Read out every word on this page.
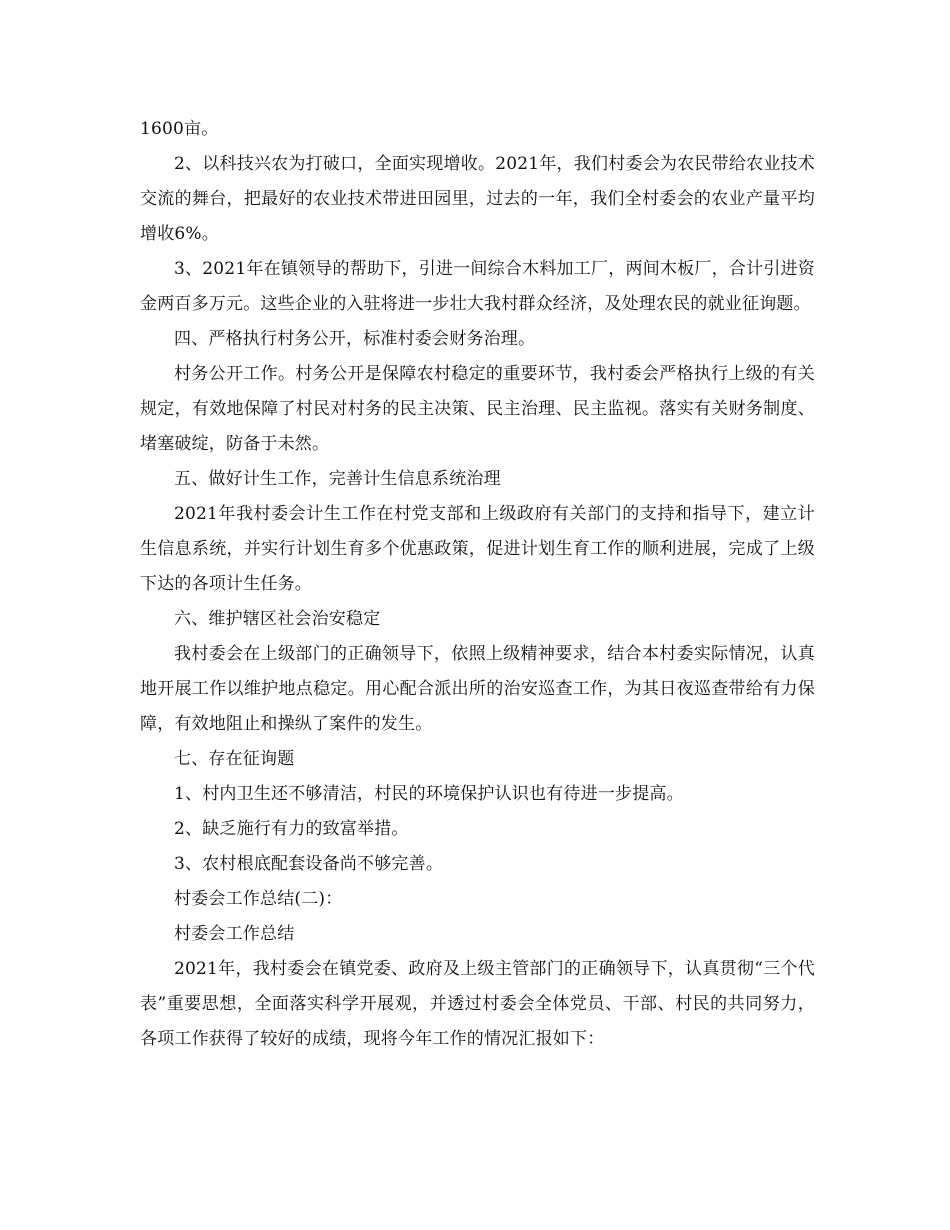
1600亩。

2、以科技兴农为打破口，全面实现增收。2021年，我们村委会为农民带给农业技术交流的舞台，把最好的农业技术带进田园里，过去的一年，我们全村委会的农业产量平均增收6%。

3、2021年在镇领导的帮助下，引进一间综合木料加工厂，两间木板厂，合计引进资金两百多万元。这些企业的入驻将进一步壮大我村群众经济，及处理农民的就业征询题。

四、严格执行村务公开，标准村委会财务治理。

村务公开工作。村务公开是保障农村稳定的重要环节，我村委会严格执行上级的有关规定，有效地保障了村民对村务的民主决策、民主治理、民主监视。落实有关财务制度、堵塞破绽，防备于未然。

五、做好计生工作，完善计生信息系统治理

2021年我村委会计生工作在村党支部和上级政府有关部门的支持和指导下，建立计生信息系统，并实行计划生育多个优惠政策，促进计划生育工作的顺利进展，完成了上级下达的各项计生任务。

六、维护辖区社会治安稳定

我村委会在上级部门的正确领导下，依照上级精神要求，结合本村委实际情况，认真地开展工作以维护地点稳定。用心配合派出所的治安巡查工作，为其日夜巡查带给有力保障，有效地阻止和操纵了案件的发生。

七、存在征询题

1、村内卫生还不够清洁，村民的环境保护认识也有待进一步提高。

2、缺乏施行有力的致富举措。

3、农村根底配套设备尚不够完善。

村委会工作总结(二)：

村委会工作总结

2021年，我村委会在镇党委、政府及上级主管部门的正确领导下，认真贯彻“三个代表”重要思想，全面落实科学开展观，并透过村委会全体党员、干部、村民的共同努力，各项工作获得了较好的成绩，现将今年工作的情况汇报如下：
